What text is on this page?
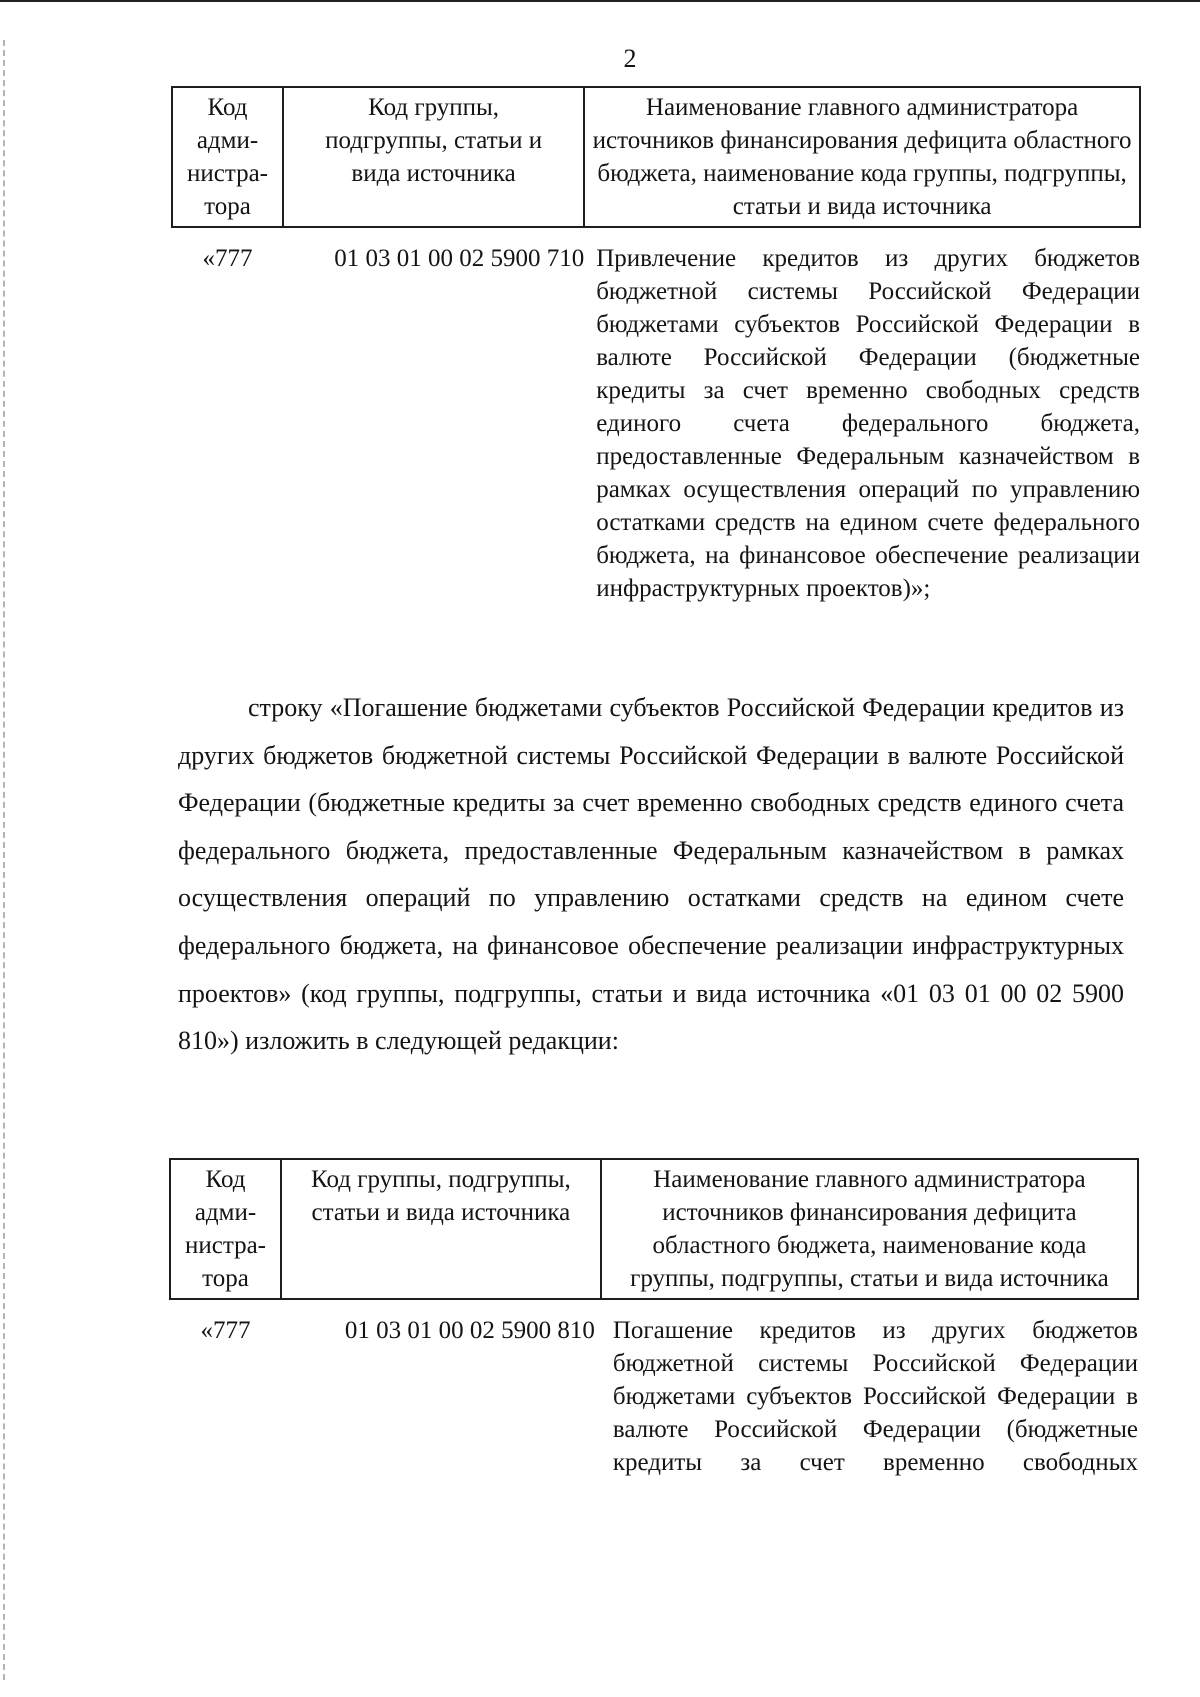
2
Код адми-нистра-тора	Код группы, подгруппы, статьи и вида источника	Наименование главного администратора источников финансирования дефицита областного бюджета, наименование кода группы, подгруппы, статьи и вида источника
«777	01 03 01 00 02 5900 710	Привлечение кредитов из других бюджетов бюджетной системы Российской Федерации бюджетами субъектов Российской Федерации в валюте Российской Федерации (бюджетные кредиты за счет временно свободных средств единого счета федерального бюджета, предоставленные Федеральным казначейством в рамках осуществления операций по управлению остатками средств на едином счете федерального бюджета, на финансовое обеспечение реализации инфраструктурных проектов)»;

строку «Погашение бюджетами субъектов Российской Федерации кредитов из других бюджетов бюджетной системы Российской Федерации в валюте Российской Федерации (бюджетные кредиты за счет временно свободных средств единого счета федерального бюджета, предоставленные Федеральным казначейством в рамках осуществления операций по управлению остатками средств на едином счете федерального бюджета, на финансовое обеспечение реализации инфраструктурных проектов» (код группы, подгруппы, статьи и вида источника «01 03 01 00 02 5900 810») изложить в следующей редакции:

Код адми-нистра-тора	Код группы, подгруппы, статьи и вида источника	Наименование главного администратора источников финансирования дефицита областного бюджета, наименование кода группы, подгруппы, статьи и вида источника
«777	01 03 01 00 02 5900 810	Погашение кредитов из других бюджетов бюджетной системы Российской Федерации бюджетами субъектов Российской Федерации в валюте Российской Федерации (бюджетные кредиты за счет временно свободных
